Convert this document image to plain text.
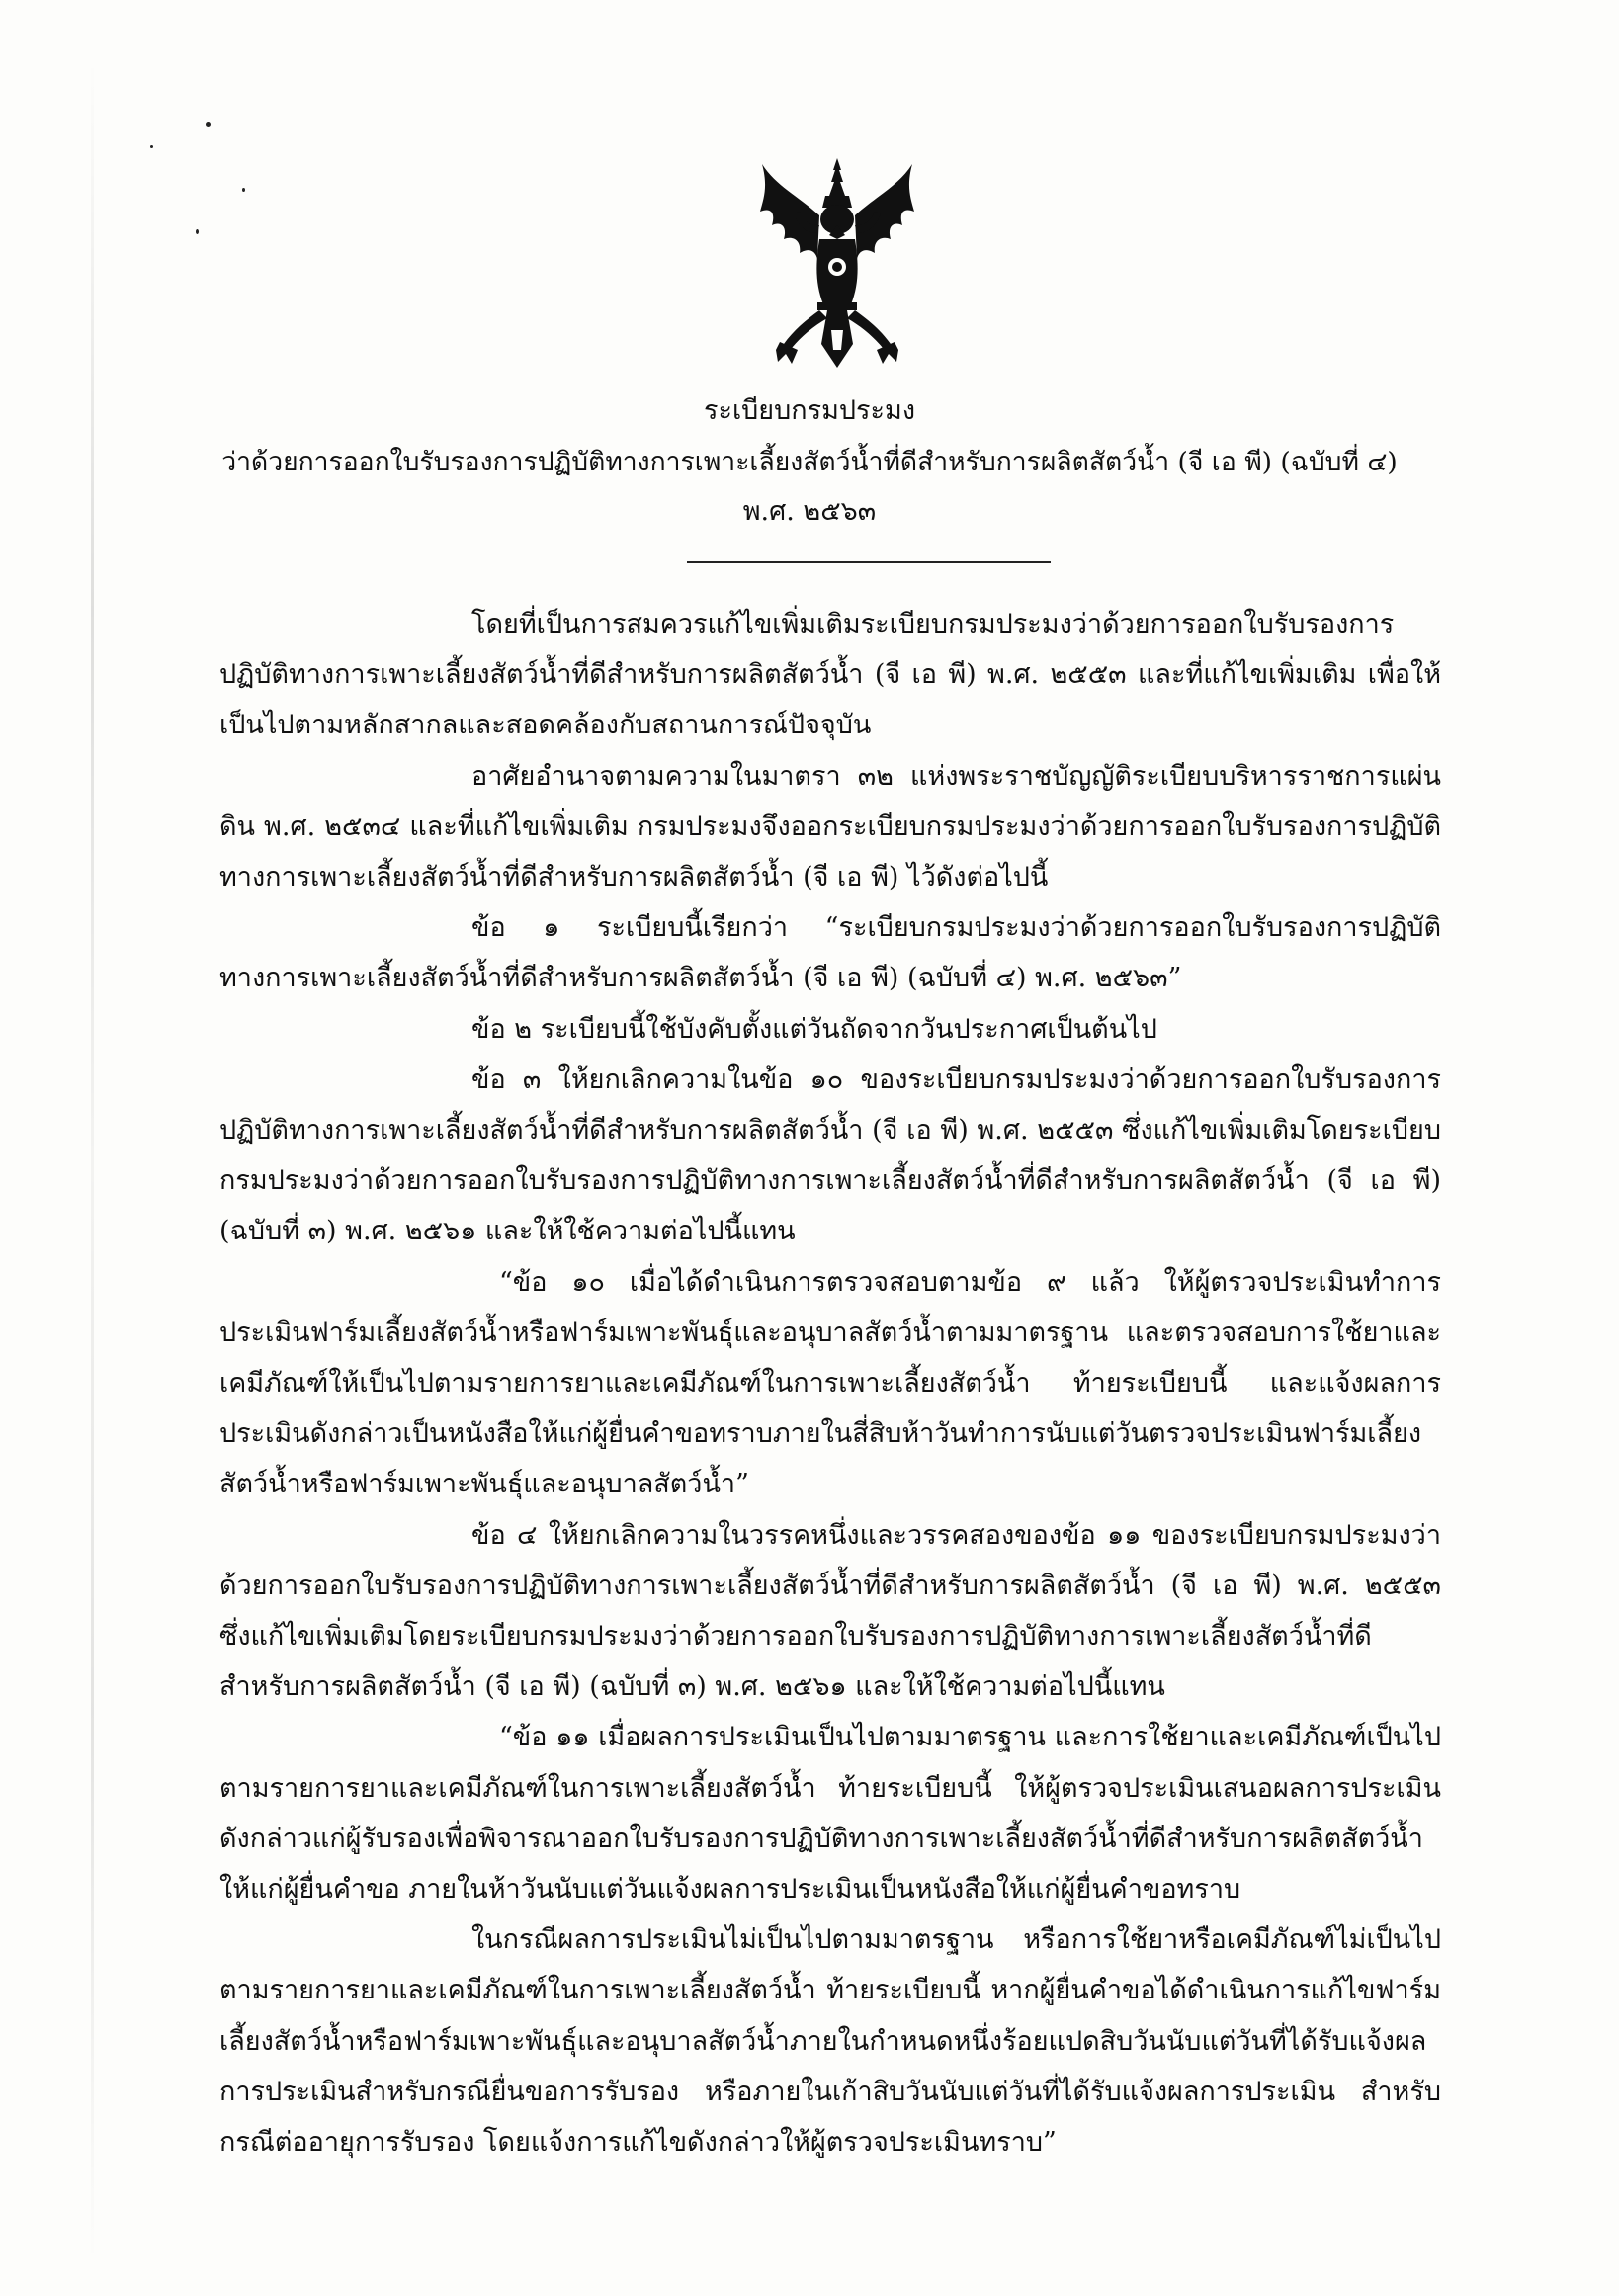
ระเบียบกรมประมง
ว่าด้วยการออกใบรับรองการปฏิบัติทางการเพาะเลี้ยงสัตว์น้ำที่ดีสำหรับการผลิตสัตว์น้ำ (จี เอ พี) (ฉบับที่ ๔)
พ.ศ. ๒๕๖๓

โดยที่เป็นการสมควรแก้ไขเพิ่มเติมระเบียบกรมประมงว่าด้วยการออกใบรับรองการปฏิบัติทางการเพาะเลี้ยงสัตว์น้ำที่ดีสำหรับการผลิตสัตว์น้ำ (จี เอ พี) พ.ศ. ๒๕๕๓ และที่แก้ไขเพิ่มเติม เพื่อให้เป็นไปตามหลักสากลและสอดคล้องกับสถานการณ์ปัจจุบัน

อาศัยอำนาจตามความในมาตรา ๓๒ แห่งพระราชบัญญัติระเบียบบริหารราชการแผ่นดิน พ.ศ. ๒๕๓๔ และที่แก้ไขเพิ่มเติม กรมประมงจึงออกระเบียบกรมประมงว่าด้วยการออกใบรับรองการปฏิบัติทางการเพาะเลี้ยงสัตว์น้ำที่ดีสำหรับการผลิตสัตว์น้ำ (จี เอ พี) ไว้ดังต่อไปนี้

ข้อ ๑ ระเบียบนี้เรียกว่า “ระเบียบกรมประมงว่าด้วยการออกใบรับรองการปฏิบัติทางการเพาะเลี้ยงสัตว์น้ำที่ดีสำหรับการผลิตสัตว์น้ำ (จี เอ พี) (ฉบับที่ ๔) พ.ศ. ๒๕๖๓”

ข้อ ๒ ระเบียบนี้ใช้บังคับตั้งแต่วันถัดจากวันประกาศเป็นต้นไป

ข้อ ๓ ให้ยกเลิกความในข้อ ๑๐ ของระเบียบกรมประมงว่าด้วยการออกใบรับรองการปฏิบัติทางการเพาะเลี้ยงสัตว์น้ำที่ดีสำหรับการผลิตสัตว์น้ำ (จี เอ พี) พ.ศ. ๒๕๕๓ ซึ่งแก้ไขเพิ่มเติมโดยระเบียบกรมประมงว่าด้วยการออกใบรับรองการปฏิบัติทางการเพาะเลี้ยงสัตว์น้ำที่ดีสำหรับการผลิตสัตว์น้ำ (จี เอ พี) (ฉบับที่ ๓) พ.ศ. ๒๕๖๑ และให้ใช้ความต่อไปนี้แทน

“ข้อ ๑๐ เมื่อได้ดำเนินการตรวจสอบตามข้อ ๙ แล้ว ให้ผู้ตรวจประเมินทำการประเมินฟาร์มเลี้ยงสัตว์น้ำหรือฟาร์มเพาะพันธุ์และอนุบาลสัตว์น้ำตามมาตรฐาน และตรวจสอบการใช้ยาและเคมีภัณฑ์ให้เป็นไปตามรายการยาและเคมีภัณฑ์ในการเพาะเลี้ยงสัตว์น้ำ ท้ายระเบียบนี้ และแจ้งผลการประเมินดังกล่าวเป็นหนังสือให้แก่ผู้ยื่นคำขอทราบภายในสี่สิบห้าวันทำการนับแต่วันตรวจประเมินฟาร์มเลี้ยงสัตว์น้ำหรือฟาร์มเพาะพันธุ์และอนุบาลสัตว์น้ำ”

ข้อ ๔ ให้ยกเลิกความในวรรคหนึ่งและวรรคสองของข้อ ๑๑ ของระเบียบกรมประมงว่าด้วยการออกใบรับรองการปฏิบัติทางการเพาะเลี้ยงสัตว์น้ำที่ดีสำหรับการผลิตสัตว์น้ำ (จี เอ พี) พ.ศ. ๒๕๕๓ ซึ่งแก้ไขเพิ่มเติมโดยระเบียบกรมประมงว่าด้วยการออกใบรับรองการปฏิบัติทางการเพาะเลี้ยงสัตว์น้ำที่ดีสำหรับการผลิตสัตว์น้ำ (จี เอ พี) (ฉบับที่ ๓) พ.ศ. ๒๕๖๑ และให้ใช้ความต่อไปนี้แทน

“ข้อ ๑๑ เมื่อผลการประเมินเป็นไปตามมาตรฐาน และการใช้ยาและเคมีภัณฑ์เป็นไปตามรายการยาและเคมีภัณฑ์ในการเพาะเลี้ยงสัตว์น้ำ ท้ายระเบียบนี้ ให้ผู้ตรวจประเมินเสนอผลการประเมินดังกล่าวแก่ผู้รับรองเพื่อพิจารณาออกใบรับรองการปฏิบัติทางการเพาะเลี้ยงสัตว์น้ำที่ดีสำหรับการผลิตสัตว์น้ำให้แก่ผู้ยื่นคำขอ ภายในห้าวันนับแต่วันแจ้งผลการประเมินเป็นหนังสือให้แก่ผู้ยื่นคำขอทราบ

ในกรณีผลการประเมินไม่เป็นไปตามมาตรฐาน หรือการใช้ยาหรือเคมีภัณฑ์ไม่เป็นไปตามรายการยาและเคมีภัณฑ์ในการเพาะเลี้ยงสัตว์น้ำ ท้ายระเบียบนี้ หากผู้ยื่นคำขอได้ดำเนินการแก้ไขฟาร์มเลี้ยงสัตว์น้ำหรือฟาร์มเพาะพันธุ์และอนุบาลสัตว์น้ำภายในกำหนดหนึ่งร้อยแปดสิบวันนับแต่วันที่ได้รับแจ้งผลการประเมินสำหรับกรณียื่นขอการรับรอง หรือภายในเก้าสิบวันนับแต่วันที่ได้รับแจ้งผลการประเมิน สำหรับกรณีต่ออายุการรับรอง โดยแจ้งการแก้ไขดังกล่าวให้ผู้ตรวจประเมินทราบ”
